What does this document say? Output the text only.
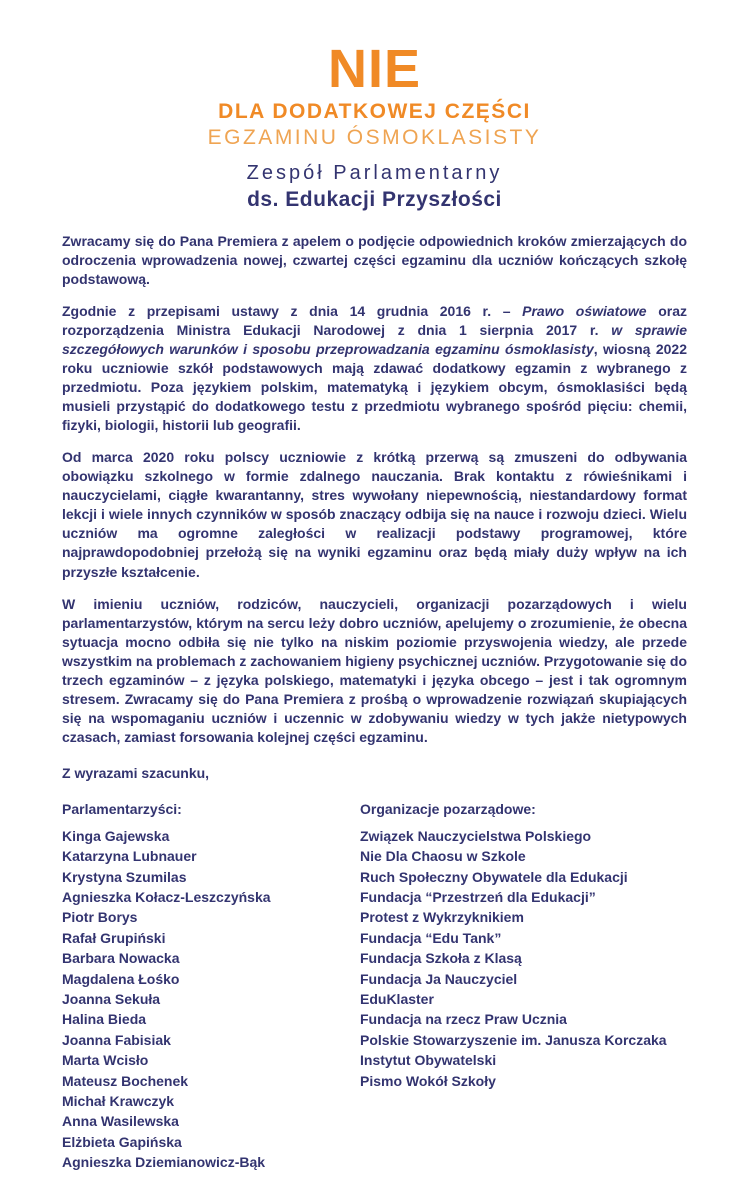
NIE
DLA DODATKOWEJ CZĘŚCI
EGZAMINU ÓSMOKLASISTY
Zespół Parlamentarny
ds. Edukacji Przyszłości

Zwracamy się do Pana Premiera z apelem o podjęcie odpowiednich kroków zmierzających do odroczenia wprowadzenia nowej, czwartej części egzaminu dla uczniów kończących szkołę podstawową.

Zgodnie z przepisami ustawy z dnia 14 grudnia 2016 r. – Prawo oświatowe oraz rozporządzenia Ministra Edukacji Narodowej z dnia 1 sierpnia 2017 r. w sprawie szczegółowych warunków i sposobu przeprowadzania egzaminu ósmoklasisty, wiosną 2022 roku uczniowie szkół podstawowych mają zdawać dodatkowy egzamin z wybranego z przedmiotu. Poza językiem polskim, matematyką i językiem obcym, ósmoklasiści będą musieli przystąpić do dodatkowego testu z przedmiotu wybranego spośród pięciu: chemii, fizyki, biologii, historii lub geografii.

Od marca 2020 roku polscy uczniowie z krótką przerwą są zmuszeni do odbywania obowiązku szkolnego w formie zdalnego nauczania. Brak kontaktu z rówieśnikami i nauczycielami, ciągłe kwarantanny, stres wywołany niepewnością, niestandardowy format lekcji i wiele innych czynników w sposób znaczący odbija się na nauce i rozwoju dzieci. Wielu uczniów ma ogromne zaległości w realizacji podstawy programowej, które najprawdopodobniej przełożą się na wyniki egzaminu oraz będą miały duży wpływ na ich przyszłe kształcenie.

W imieniu uczniów, rodziców, nauczycieli, organizacji pozarządowych i wielu parlamentarzystów, którym na sercu leży dobro uczniów, apelujemy o zrozumienie, że obecna sytuacja mocno odbiła się nie tylko na niskim poziomie przyswojenia wiedzy, ale przede wszystkim na problemach z zachowaniem higieny psychicznej uczniów. Przygotowanie się do trzech egzaminów – z języka polskiego, matematyki i języka obcego – jest i tak ogromnym stresem. Zwracamy się do Pana Premiera z prośbą o wprowadzenie rozwiązań skupiających się na wspomaganiu uczniów i uczennic w zdobywaniu wiedzy w tych jakże nietypowych czasach, zamiast forsowania kolejnej części egzaminu.

Z wyrazami szacunku,
Parlamentarzyści:
Kinga Gajewska
Katarzyna Lubnauer
Krystyna Szumilas
Agnieszka Kołacz-Leszczyńska
Piotr Borys
Rafał Grupiński
Barbara Nowacka
Magdalena Łośko
Joanna Sekuła
Halina Bieda
Joanna Fabisiak
Marta Wcisło
Mateusz Bochenek
Michał Krawczyk
Anna Wasilewska
Elżbieta Gapińska
Agnieszka Dziemianowicz-Bąk
Organizacje pozarządowe:
Związek Nauczycielstwa Polskiego
Nie Dla Chaosu w Szkole
Ruch Społeczny Obywatele dla Edukacji
Fundacja “Przestrzeń dla Edukacji”
Protest z Wykrzyknikiem
Fundacja “Edu Tank”
Fundacja Szkoła z Klasą
Fundacja Ja Nauczyciel
EduKlaster
Fundacja na rzecz Praw Ucznia
Polskie Stowarzyszenie im. Janusza Korczaka
Instytut Obywatelski
Pismo Wokół Szkoły
